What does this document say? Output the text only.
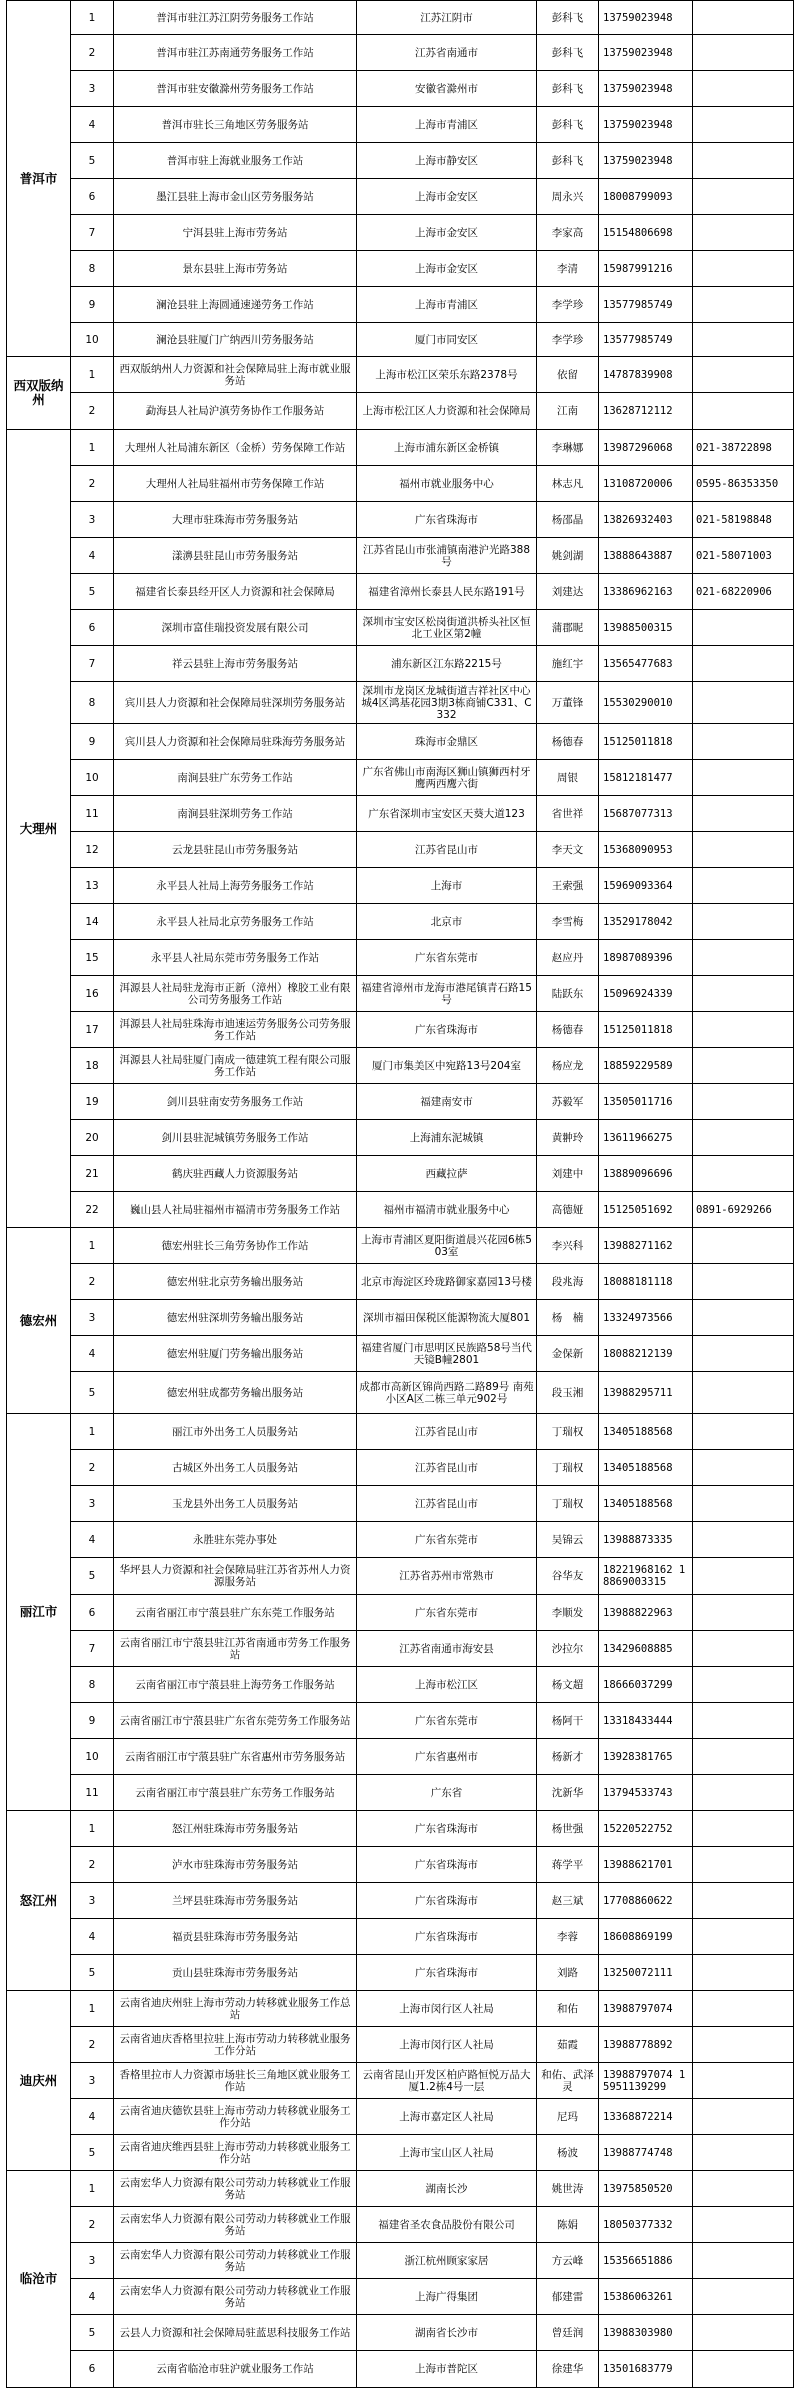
普洱市	1	普洱市驻江苏江阴劳务服务工作站	江苏江阴市	彭科飞	13759023948	
	2	普洱市驻江苏南通劳务服务工作站	江苏省南通市	彭科飞	13759023948	
	3	普洱市驻安徽滁州劳务服务工作站	安徽省滁州市	彭科飞	13759023948	
	4	普洱市驻长三角地区劳务服务站	上海市青浦区	彭科飞	13759023948	
	5	普洱市驻上海就业服务工作站	上海市静安区	彭科飞	13759023948	
	6	墨江县驻上海市金山区劳务服务站	上海市金安区	周永兴	18008799093	
	7	宁洱县驻上海市劳务站	上海市金安区	李家高	15154806698	
	8	景东县驻上海市劳务站	上海市金安区	李清	15987991216	
	9	澜沧县驻上海圆通速递劳务工作站	上海市青浦区	李学珍	13577985749	
	10	澜沧县驻厦门广纳西川劳务服务站	厦门市同安区	李学珍	13577985749	
西双版纳州	1	西双版纳州人力资源和社会保障局驻上海市就业服务站	上海市松江区荣乐东路2378号	依留	14787839908	
	2	勐海县人社局沪滇劳务协作工作服务站	上海市松江区人力资源和社会保障局	江南	13628712112	
大理州	1	大理州人社局浦东新区（金桥）劳务保障工作站	上海市浦东新区金桥镇	李琳娜	13987296068	021-38722898
	2	大理州人社局驻福州市劳务保障工作站	福州市就业服务中心	林志凡	13108720006	0595-86353350
	3	大理市驻珠海市劳务服务站	广东省珠海市	杨邵晶	13826932403	021-58198848
	4	漾濞县驻昆山市劳务服务站	江苏省昆山市张浦镇南港沪光路388号	姚剑湖	13888643887	021-58071003
	5	福建省长泰县经开区人力资源和社会保障局	福建省漳州长泰县人民东路191号	刘建达	13386962163	021-68220906
	6	深圳市富佳瑞投资发展有限公司	深圳市宝安区松岗街道洪桥头社区恒北工业区第2幢	蒲郡昵	13988500315	
	7	祥云县驻上海市劳务服务站	浦东新区江东路2215号	施红宇	13565477683	
	8	宾川县人力资源和社会保障局驻深圳劳务服务站	深圳市龙岗区龙城街道吉祥社区中心城4区鸿基花园3期3栋商铺C331、C332	万董锋	15530290010	
	9	宾川县人力资源和社会保障局驻珠海劳务服务站	珠海市金鼎区	杨德春	15125011818	
	10	南涧县驻广东劳务工作站	广东省佛山市南海区狮山镇狮西村牙鹰两西鹰六街	周银	15812181477	
	11	南涧县驻深圳劳务工作站	广东省深圳市宝安区天葵大道123	省世祥	15687077313	
	12	云龙县驻昆山市劳务服务站	江苏省昆山市	李天文	15368090953	
	13	永平县人社局上海劳务服务工作站	上海市	王索强	15969093364	
	14	永平县人社局北京劳务服务工作站	北京市	李雪梅	13529178042	
	15	永平县人社局东莞市劳务服务工作站	广东省东莞市	赵应丹	18987089396	
	16	洱源县人社局驻龙海市正新（漳州）橡胶工业有限公司劳务服务工作站	福建省漳州市龙海市港尾镇青石路15号	陆跃东	15096924339	
	17	洱源县人社局驻珠海市迪速运劳务服务公司劳务服务工作站	广东省珠海市	杨德春	15125011818	
	18	洱源县人社局驻厦门南成一德建筑工程有限公司服务工作站	厦门市集美区中宛路13号204室	杨应龙	18859229589	
	19	剑川县驻南安劳务服务工作站	福建南安市	苏毅军	13505011716	
	20	剑川县驻泥城镇劳务服务工作站	上海浦东泥城镇	黄翀玲	13611966275	
	21	鹤庆驻西藏人力资源服务站	西藏拉萨	刘建中	13889096696	
	22	巍山县人社局驻福州市福清市劳务服务工作站	福州市福清市就业服务中心	高德娅	15125051692	0891-6929266
德宏州	1	德宏州驻长三角劳务协作工作站	上海市青浦区夏阳街道晨兴花园6栋503室	李兴科	13988271162	
	2	德宏州驻北京劳务输出服务站	北京市海淀区玲珑路御家嘉园13号楼	段兆海	18088181118	
	3	德宏州驻深圳劳务输出服务站	深圳市福田保税区能源物流大厦801	杨　楠	13324973566	
	4	德宏州驻厦门劳务输出服务站	福建省厦门市思明区民族路58号当代天镜B幢2801	金保新	18088212139	
	5	德宏州驻成都劳务输出服务站	成都市高新区锦尚西路二路89号 南苑小区A区二栋三单元902号	段玉湘	13988295711	
丽江市	1	丽江市外出务工人员服务站	江苏省昆山市	丁瑞权	13405188568	
	2	古城区外出务工人员服务站	江苏省昆山市	丁瑞权	13405188568	
	3	玉龙县外出务工人员服务站	江苏省昆山市	丁瑞权	13405188568	
	4	永胜驻东莞办事处	广东省东莞市	吴锦云	13988873335	
	5	华坪县人力资源和社会保障局驻江苏省苏州人力资源服务站	江苏省苏州市常熟市	谷华友	18221968162 18869003315	
	6	云南省丽江市宁蒗县驻广东东莞工作服务站	广东省东莞市	李顺发	13988822963	
	7	云南省丽江市宁蒗县驻江苏省南通市劳务工作服务站	江苏省南通市海安县	沙拉尔	13429608885	
	8	云南省丽江市宁蒗县驻上海劳务工作服务站	上海市松江区	杨文超	18666037299	
	9	云南省丽江市宁蒗县驻广东省东莞劳务工作服务站	广东省东莞市	杨阿干	13318433444	
	10	云南省丽江市宁蒗县驻广东省惠州市劳务服务站	广东省惠州市	杨新才	13928381765	
	11	云南省丽江市宁蒗县驻广东劳务工作服务站	广东省	沈新华	13794533743	
怒江州	1	怒江州驻珠海市劳务服务站	广东省珠海市	杨世强	15220522752	
	2	泸水市驻珠海市劳务服务站	广东省珠海市	蒋学平	13988621701	
	3	兰坪县驻珠海市劳务服务站	广东省珠海市	赵三斌	17708860622	
	4	福贡县驻珠海市劳务服务站	广东省珠海市	李蓉	18608869199	
	5	贡山县驻珠海市劳务服务站	广东省珠海市	刘路	13250072111	
迪庆州	1	云南省迪庆州驻上海市劳动力转移就业服务工作总站	上海市闵行区人社局	和佑	13988797074	
	2	云南省迪庆香格里拉驻上海市劳动力转移就业服务工作分站	上海市闵行区人社局	茹霞	13988778892	
	3	香格里拉市人力资源市场驻长三角地区就业服务工作站	云南省昆山开发区柏庐路恒悦万品大厦1.2栋4号一层	和佑、武泽灵	13988797074 15951139299	
	4	云南省迪庆德钦县驻上海市劳动力转移就业服务工作分站	上海市嘉定区人社局	尼玛	13368872214	
	5	云南省迪庆维西县驻上海市劳动力转移就业服务工作分站	上海市宝山区人社局	杨波	13988774748	
临沧市	1	云南宏华人力资源有限公司劳动力转移就业工作服务站	湖南长沙	姚世涛	13975850520	
	2	云南宏华人力资源有限公司劳动力转移就业工作服务站	福建省圣农食品股份有限公司	陈娟	18050377332	
	3	云南宏华人力资源有限公司劳动力转移就业工作服务站	浙江杭州顾家家居	方云峰	15356651886	
	4	云南宏华人力资源有限公司劳动力转移就业工作服务站	上海广得集团	郁建雷	15386063261	
	5	云县人力资源和社会保障局驻蓝思科技服务工作站	湖南省长沙市	曾廷润	13988303980	
	6	云南省临沧市驻沪就业服务工作站	上海市普陀区	徐建华	13501683779	
